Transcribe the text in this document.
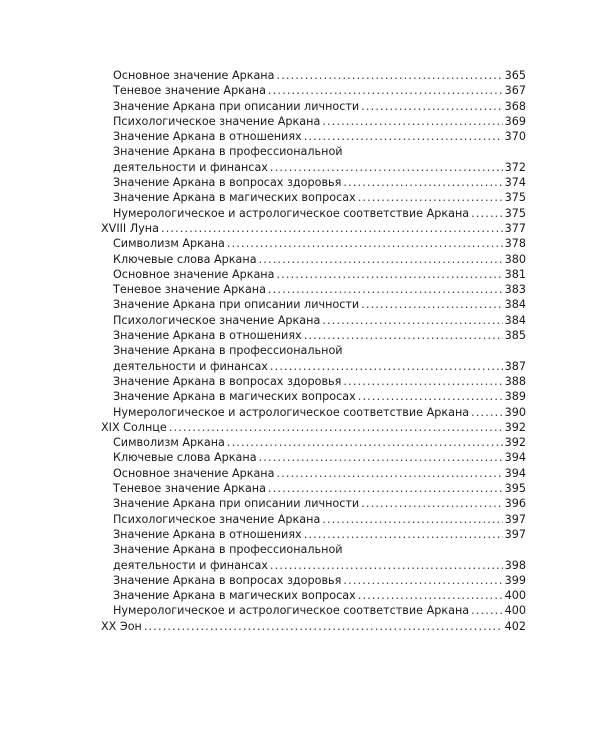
Основное значение Аркана . . .	365
Теневое значение Аркана . . .	367
Значение Аркана при описании личности . . .	368
Психологическое значение Аркана . . .	369
Значение Аркана в отношениях . . .	370
Значение Аркана в профессиональной
деятельности и финансах . . .	372
Значение Аркана в вопросах здоровья . . .	374
Значение Аркана в магических вопросах . . .	375
Нумерологическое и астрологическое соответствие Аркана . . .	375
XVIII Луна . . .	377
Символизм Аркана . . .	378
Ключевые слова Аркана . . .	380
Основное значение Аркана . . .	381
Теневое значение Аркана . . .	383
Значение Аркана при описании личности . . .	384
Психологическое значение Аркана . . .	384
Значение Аркана в отношениях . . .	385
Значение Аркана в профессиональной
деятельности и финансах . . .	387
Значение Аркана в вопросах здоровья . . .	388
Значение Аркана в магических вопросах . . .	389
Нумерологическое и астрологическое соответствие Аркана . . .	390
XIX Солнце . . .	392
Символизм Аркана . . .	392
Ключевые слова Аркана . . .	394
Основное значение Аркана . . .	394
Теневое значение Аркана . . .	395
Значение Аркана при описании личности . . .	396
Психологическое значение Аркана . . .	397
Значение Аркана в отношениях . . .	397
Значение Аркана в профессиональной
деятельности и финансах . . .	398
Значение Аркана в вопросах здоровья . . .	399
Значение Аркана в магических вопросах . . .	400
Нумерологическое и астрологическое соответствие Аркана . . .	400
XX Эон . . .	402
